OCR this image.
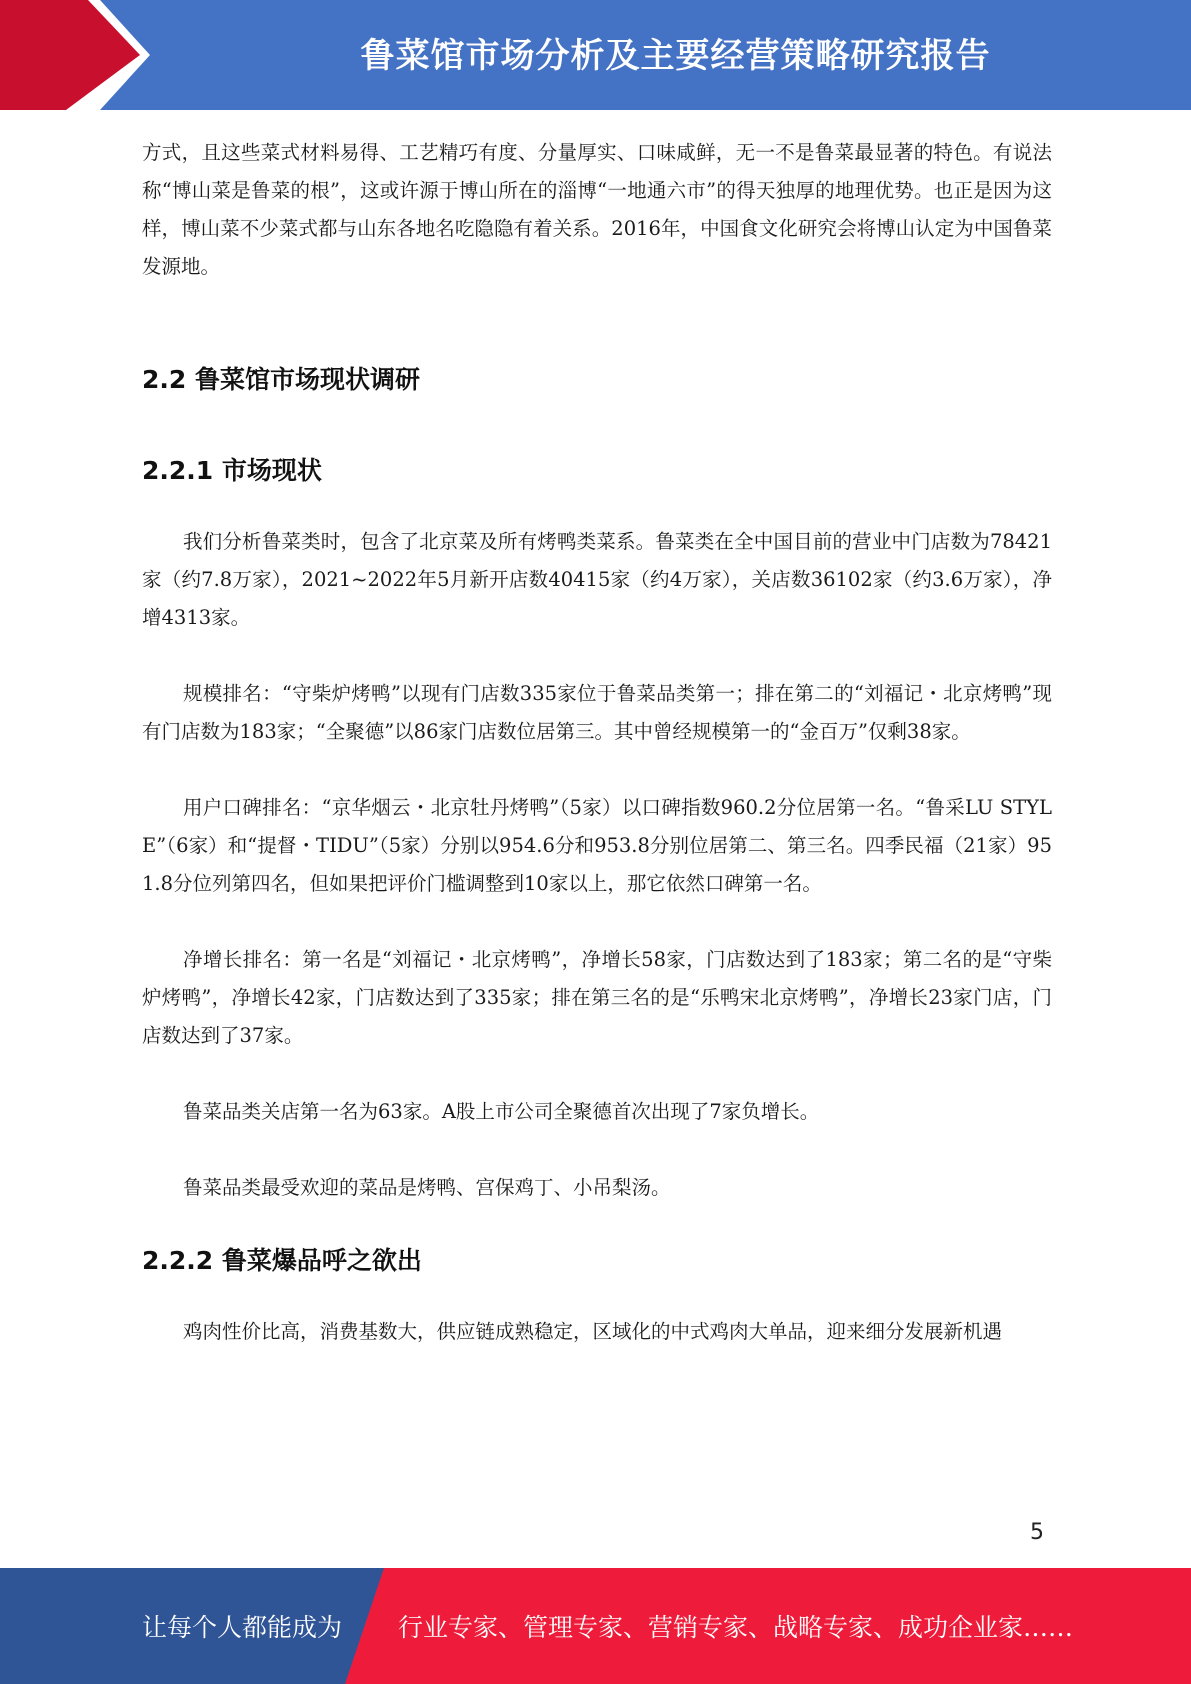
鲁菜馆市场分析及主要经营策略研究报告

方式，且这些菜式材料易得、工艺精巧有度、分量厚实、口味咸鲜，无一不是鲁菜最显著的特色。有说法称“博山菜是鲁菜的根”，这或许源于博山所在的淄博“一地通六市”的得天独厚的地理优势。也正是因为这样，博山菜不少菜式都与山东各地名吃隐隐有着关系。2016年，中国食文化研究会将博山认定为中国鲁菜发源地。

2.2 鲁菜馆市场现状调研
2.2.1 市场现状

我们分析鲁菜类时，包含了北京菜及所有烤鸭类菜系。鲁菜类在全中国目前的营业中门店数为78421家（约7.8万家），2021~2022年5月新开店数40415家（约4万家），关店数36102家（约3.6万家），净增4313家。

规模排名：“守柴炉烤鸭”以现有门店数335家位于鲁菜品类第一；排在第二的“刘福记・北京烤鸭”现有门店数为183家；“全聚德”以86家门店数位居第三。其中曾经规模第一的“金百万”仅剩38家。

用户口碑排名：“京华烟云・北京牡丹烤鸭”（5家）以口碑指数960.2分位居第一名。“鲁采LU STYLE”（6家）和“提督・TIDU”（5家）分别以954.6分和953.8分别位居第二、第三名。四季民福（21家）951.8分位列第四名，但如果把评价门槛调整到10家以上，那它依然口碑第一名。

净增长排名：第一名是“刘福记・北京烤鸭”，净增长58家，门店数达到了183家；第二名的是“守柴炉烤鸭”，净增长42家，门店数达到了335家；排在第三名的是“乐鸭宋北京烤鸭”，净增长23家门店，门店数达到了37家。

鲁菜品类关店第一名为63家。A股上市公司全聚德首次出现了7家负增长。

鲁菜品类最受欢迎的菜品是烤鸭、宫保鸡丁、小吊梨汤。

2.2.2 鲁菜爆品呼之欲出

鸡肉性价比高，消费基数大，供应链成熟稳定，区域化的中式鸡肉大单品，迎来细分发展新机遇

5
让每个人都能成为 行业专家、管理专家、营销专家、战略专家、成功企业家……
